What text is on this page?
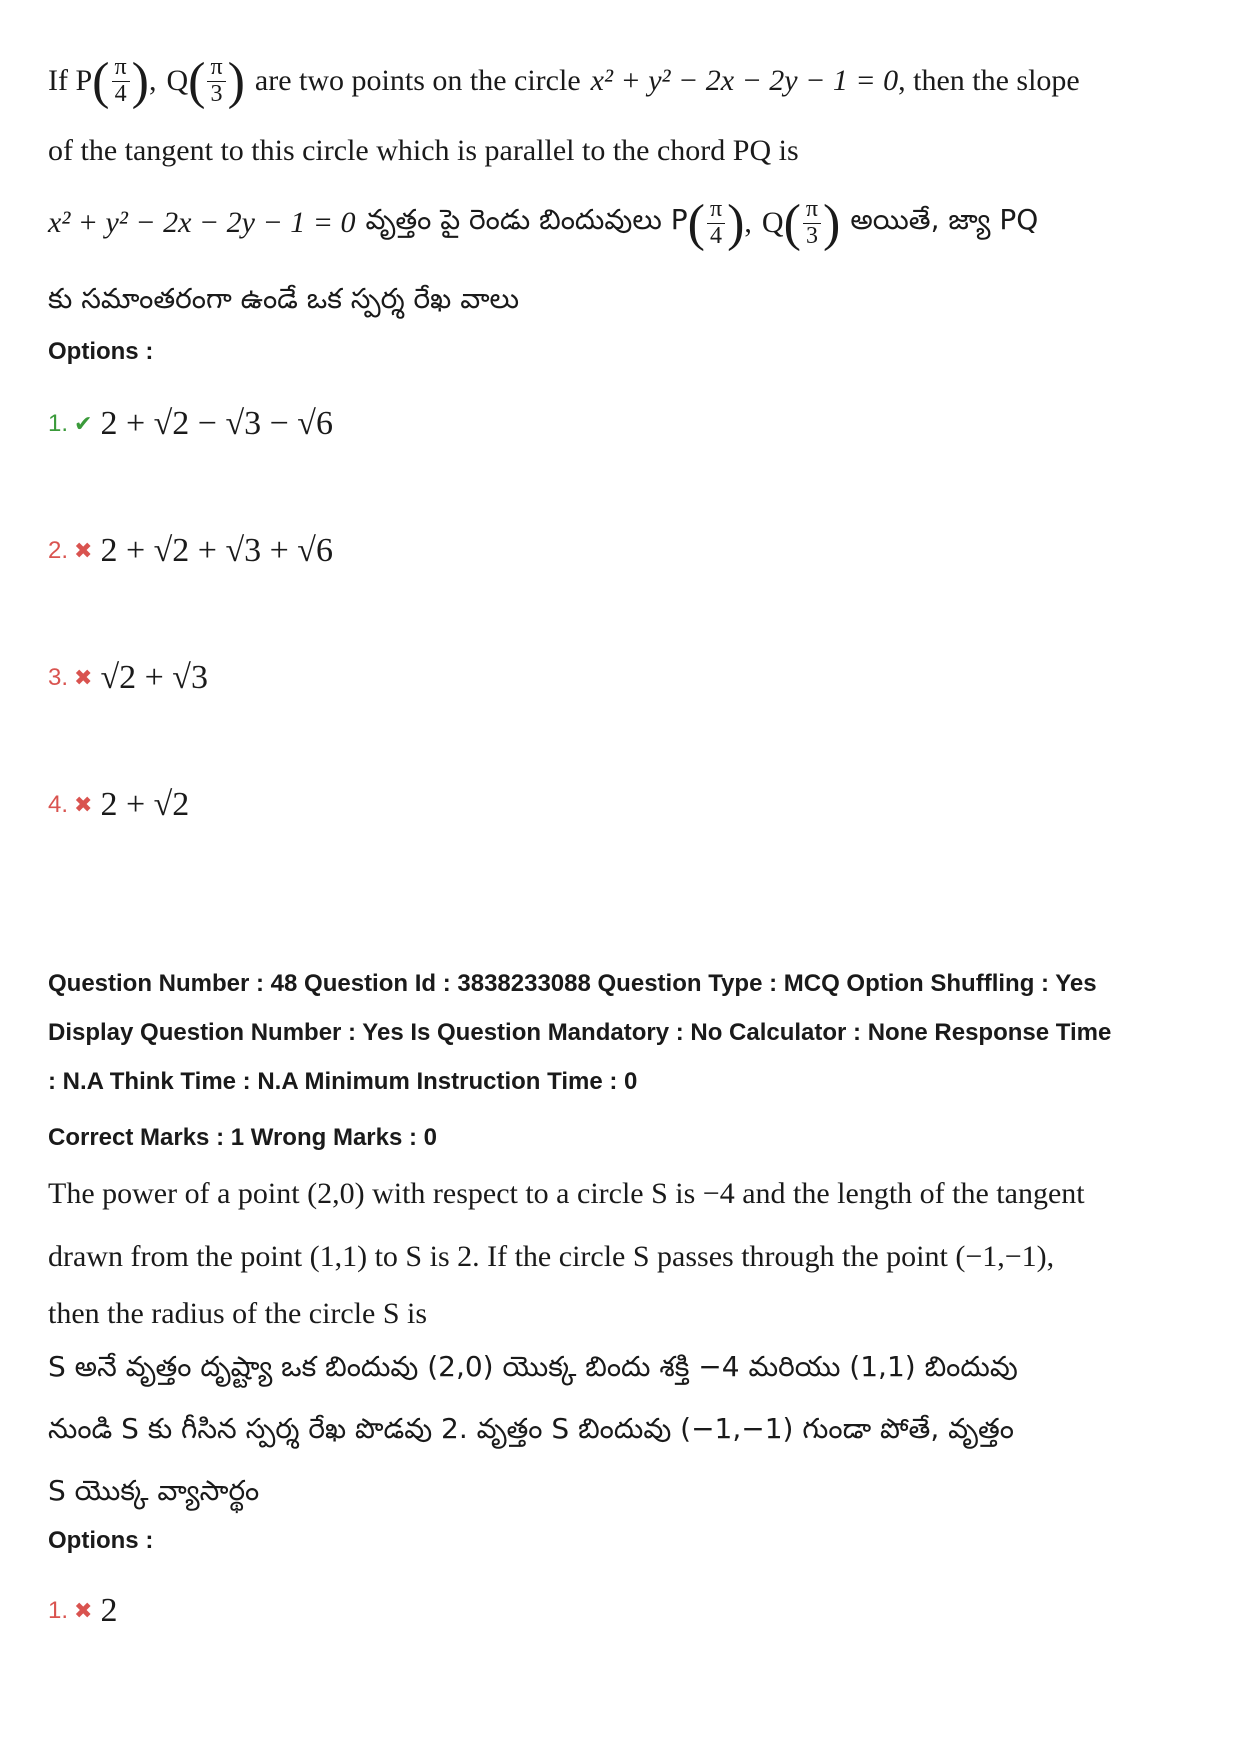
If P ( $\frac{\pi}{4}$ ) , Q ( $\frac{\pi}{3}$ ) are two points on the circle x² + y² − 2x − 2y − 1 = 0 , then the slope
of the tangent to this circle which is parallel to the chord PQ is
x² + y² − 2x − 2y − 1 = 0 వృత్తం పై రెండు బిందువులు P ( $\frac{\pi}{4}$ ) , Q ( $\frac{\pi}{3}$ ) అయితే, జ్యా PQ
కు సమాంతరంగా ఉండే ఒక స్పర్శ రేఖ వాలు
Options :
1. ✔ 2 + √2 − √3 − √6
2. ✖ 2 + √2 + √3 + √6
3. ✖ √2 + √3
4. ✖ 2 + √2
Question Number : 48 Question Id : 3838233088 Question Type : MCQ Option Shuffling : Yes
Display Question Number : Yes Is Question Mandatory : No Calculator : None Response Time
: N.A Think Time : N.A Minimum Instruction Time : 0
Correct Marks : 1 Wrong Marks : 0
The power of a point (2,0) with respect to a circle S is −4 and the length of the tangent
drawn from the point (1,1) to S is 2. If the circle S passes through the point (−1,−1),
then the radius of the circle S is
S అనే వృత్తం దృష్ట్యా ఒక బిందువు (2,0) యొక్క బిందు శక్తి −4 మరియు (1,1) బిందువు
నుండి S కు గీసిన స్పర్శ రేఖ పొడవు 2. వృత్తం S బిందువు (−1,−1) గుండా పోతే, వృత్తం
S యొక్క వ్యాసార్థం
Options :
1. ✖ 2
